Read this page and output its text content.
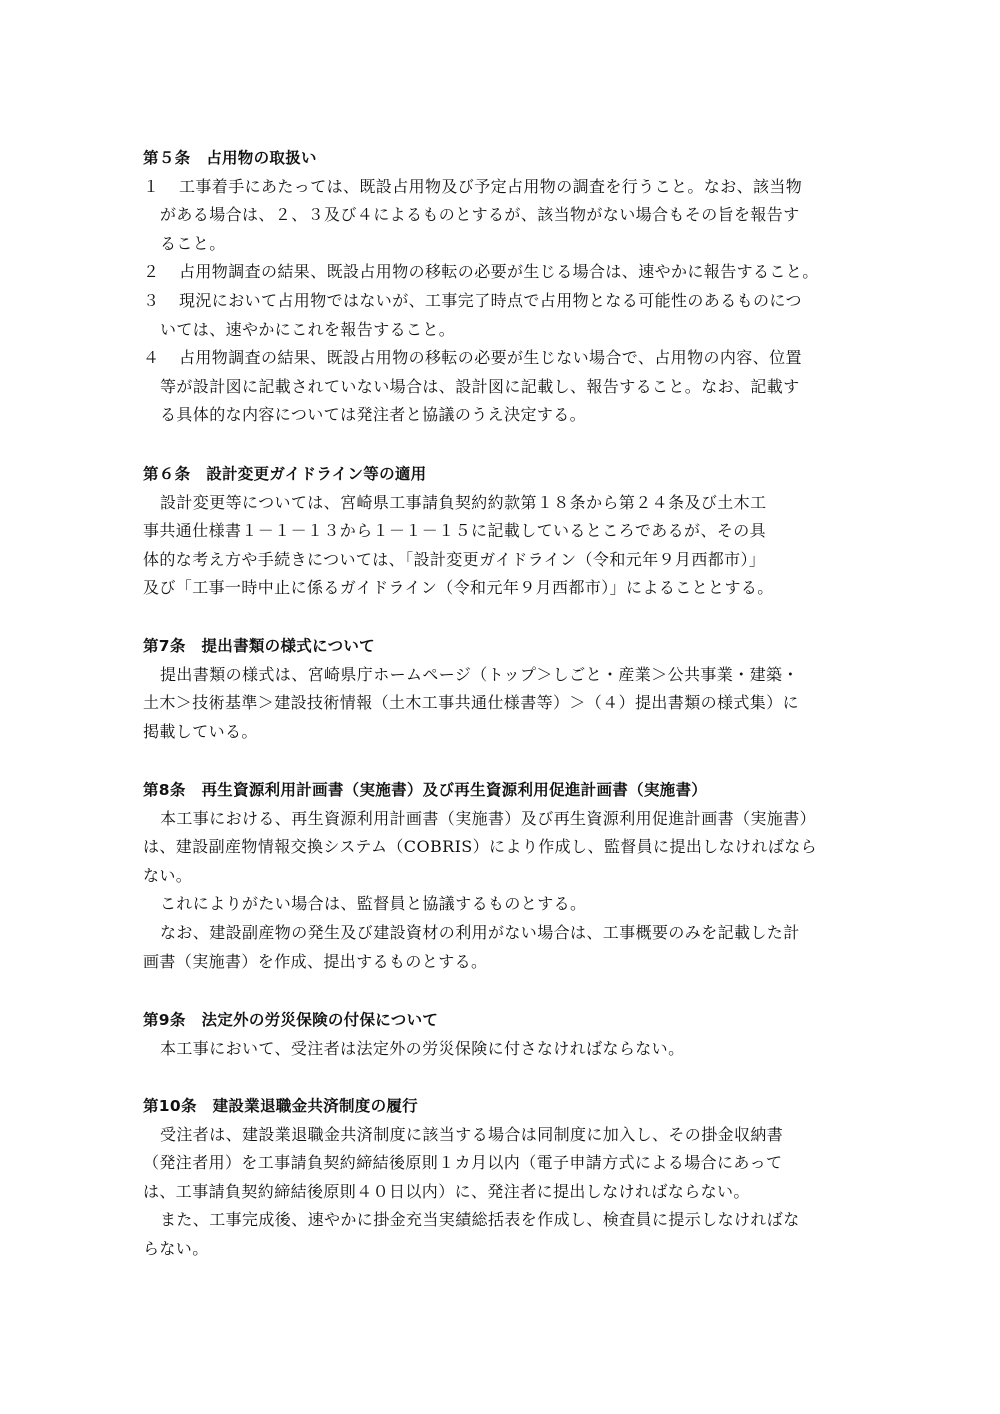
第５条　占用物の取扱い
１ 工事着手にあたっては、既設占用物及び予定占用物の調査を行うこと。なお、該当物
がある場合は、２、３及び４によるものとするが、該当物がない場合もその旨を報告す
ること。
２ 占用物調査の結果、既設占用物の移転の必要が生じる場合は、速やかに報告すること。
３ 現況において占用物ではないが、工事完了時点で占用物となる可能性のあるものにつ
いては、速やかにこれを報告すること。
４ 占用物調査の結果、既設占用物の移転の必要が生じない場合で、占用物の内容、位置
等が設計図に記載されていない場合は、設計図に記載し、報告すること。なお、記載す
る具体的な内容については発注者と協議のうえ決定する。
第６条　設計変更ガイドライン等の適用
設計変更等については、宮崎県工事請負契約約款第１８条から第２４条及び土木工
事共通仕様書１－１－１３から１－１－１５に記載しているところであるが、その具
体的な考え方や手続きについては、「設計変更ガイドライン（令和元年９月西都市）」
及び「工事一時中止に係るガイドライン（令和元年９月西都市）」によることとする。
第7条　提出書類の様式について
提出書類の様式は、宮崎県庁ホームページ（トップ＞しごと・産業＞公共事業・建築・
土木＞技術基準＞建設技術情報（土木工事共通仕様書等）＞（４）提出書類の様式集）に
掲載している。
第8条　再生資源利用計画書（実施書）及び再生資源利用促進計画書（実施書）
本工事における、再生資源利用計画書（実施書）及び再生資源利用促進計画書（実施書）
は、建設副産物情報交換システム（COBRIS）により作成し、監督員に提出しなければなら
ない。
これによりがたい場合は、監督員と協議するものとする。
なお、建設副産物の発生及び建設資材の利用がない場合は、工事概要のみを記載した計
画書（実施書）を作成、提出するものとする。
第9条　法定外の労災保険の付保について
本工事において、受注者は法定外の労災保険に付さなければならない。
第10条　建設業退職金共済制度の履行
受注者は、建設業退職金共済制度に該当する場合は同制度に加入し、その掛金収納書
（発注者用）を工事請負契約締結後原則１カ月以内（電子申請方式による場合にあって
は、工事請負契約締結後原則４０日以内）に、発注者に提出しなければならない。
また、工事完成後、速やかに掛金充当実績総括表を作成し、検査員に提示しなければな
らない。
